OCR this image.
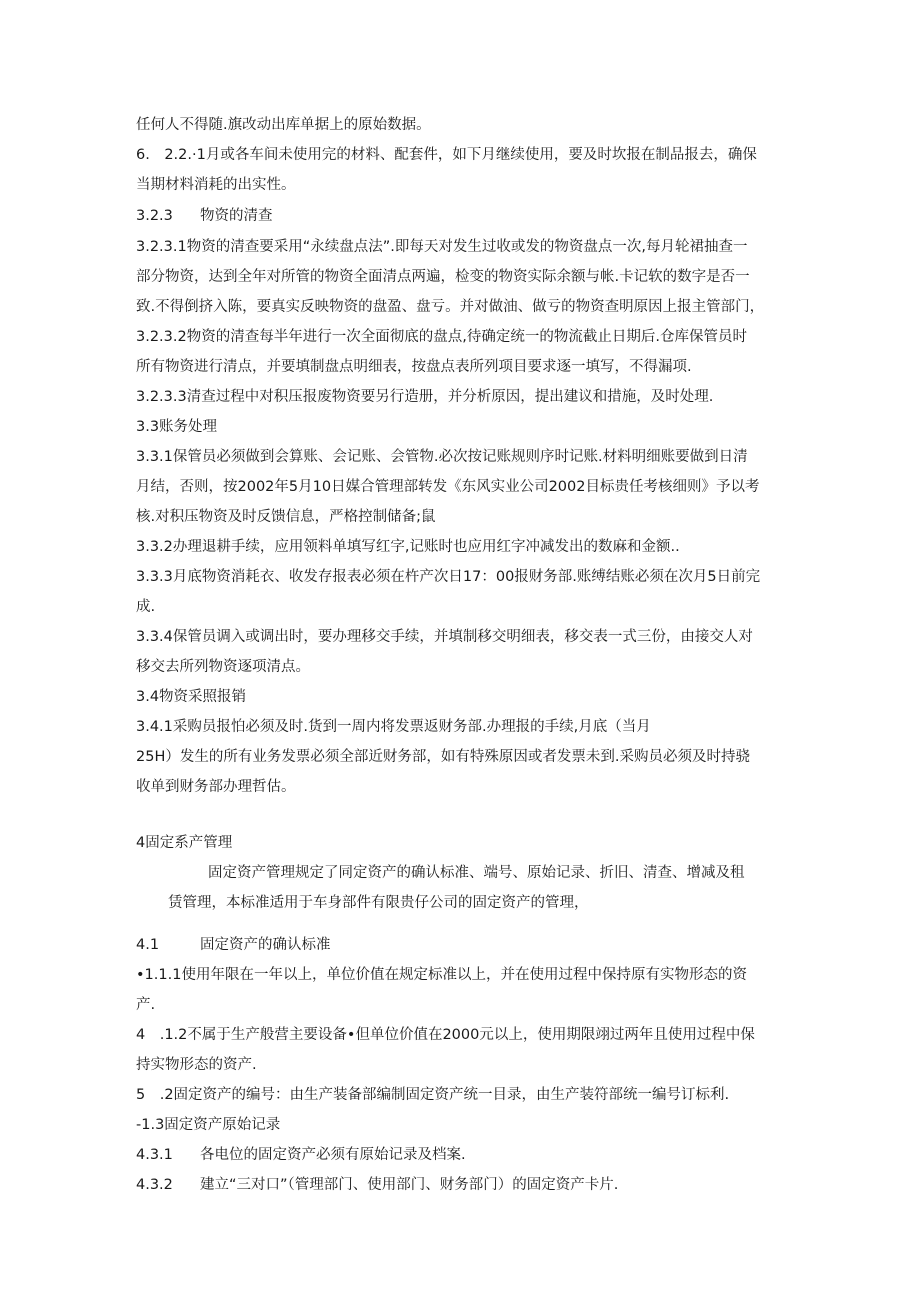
任何人不得随.旗改动出库单据上的原始数据。
6.　2.2.·1月或各车间未使用完的材料、配套件，如下月继续使用，要及时坎报在制品报去，确保
当期材料消耗的出实性。
3.2.3 物资的清查
3.2.3.1物资的清查要采用“永续盘点法”.即每天对发生过收或发的物资盘点一次,每月轮裙抽查一
部分物资，达到全年对所管的物资全面清点两遍，检变的物资实际余额与帐.卡记软的数字是否一
致.不得倒挤入陈，要真实反映物资的盘盈、盘亏。并对做油、做亏的物资查明原因上报主管部门，
3.2.3.2物资的清查每半年进行一次全面彻底的盘点,待确定统一的物流截止日期后.仓库保管员时
所有物资进行清点，并要填制盘点明细表，按盘点表所列项目要求逐一填写，不得漏项.
3.2.3.3清查过程中对积压报废物资要另行造册，并分析原因，提出建议和措施，及时处理.
3.3账务处理
3.3.1保管员必须做到会算账、会记账、会管物.必次按记账规则序时记账.材料明细账要做到日清
月结，否则，按2002年5月10日媒合管理部转发《东风实业公司2002目标贵任考核细则》予以考
核.对积压物资及时反馈信息，严格控制储备;鼠
3.3.2办理退耕手续，应用领料单填写红字,记账时也应用红字冲减发出的数麻和金额..
3.3.3月底物资消耗衣、收发存报表必须在杵产次日17：00报财务部.账缚结账必须在次月5日前完
成.
3.3.4保管员调入或调出时，要办理移交手续，并填制移交明细表，移交表一式三份，由接交人对
移交去所列物资逐项清点。
3.4物资采照报销
3.4.1采购员报怕必须及时.货到一周内将发票返财务部.办理报的手续,月底（当月
25H）发生的所有业务发票必须全部近财务部，如有特殊原因或者发票未到.采购员必须及时持骁
收单到财务部办理哲估。
4固定系产管理
固定资产管理规定了同定资产的确认标准、端号、原始记录、折旧、清查、增减及租
赁管理，本标准适用于车身部件有限贵仔公司的固定资产的管理，
4.1	固定资产的确认标准
•1.1.1使用年限在一年以上，单位价值在规定标准以上，并在使用过程中保持原有实物形态的资
产.
4　.1.2不属于生产般营主要设备•但单位价值在2000元以上，使用期限翊过两年且使用过程中保
持实物形态的资产.
5　.2固定资产的编号：由生产装备部编制固定资产统一目录，由生产装符部统一编号订标利.
-1.3固定资产原始记录
4.3.1 各电位的固定资产必须有原始记录及档案.
4.3.2 建立“三对口”（管理部门、使用部门、财务部门）的固定资产卡片.
